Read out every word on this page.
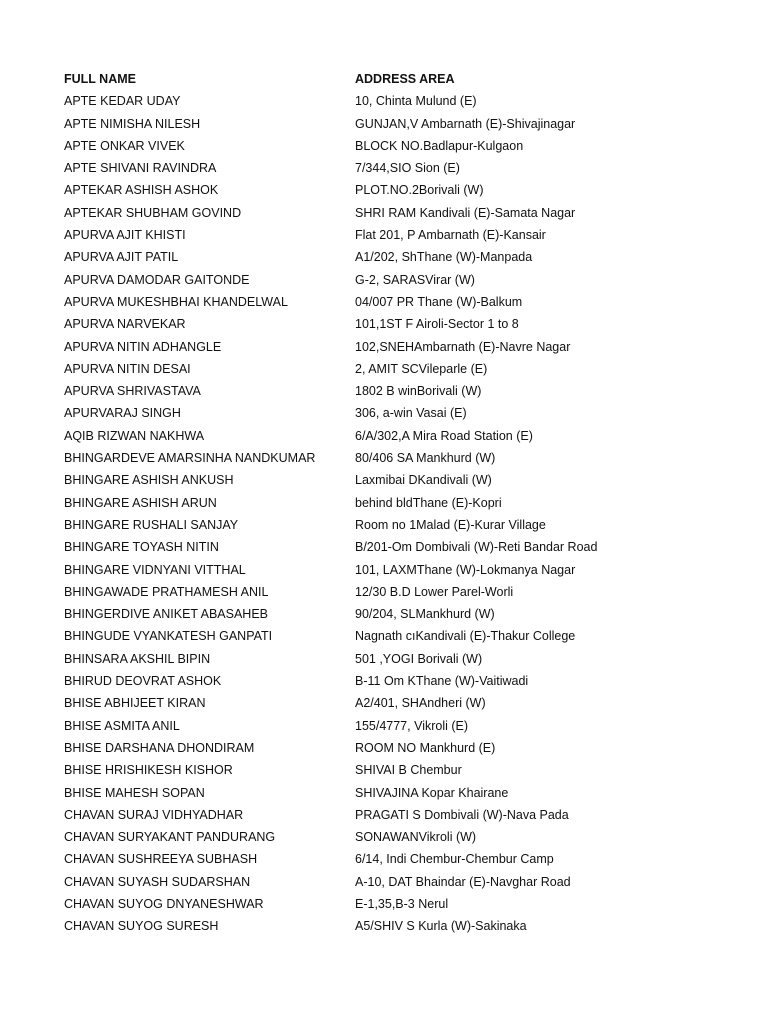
FULL NAME	ADDRESS AREA
APTE KEDAR UDAY	10, Chinta Mulund (E)
APTE NIMISHA NILESH	GUNJAN,V Ambarnath (E)-Shivajinagar
APTE ONKAR VIVEK	BLOCK NO.Badlapur-Kulgaon
APTE SHIVANI RAVINDRA	7/344,SIO Sion (E)
APTEKAR ASHISH ASHOK	PLOT.NO.2Borivali (W)
APTEKAR SHUBHAM GOVIND	SHRI RAM Kandivali (E)-Samata Nagar
APURVA AJIT KHISTI	Flat 201, P Ambarnath (E)-Kansair
APURVA AJIT PATIL	A1/202, ShThane (W)-Manpada
APURVA DAMODAR GAITONDE	G-2, SARASVirar (W)
APURVA MUKESHBHAI KHANDELWAL	04/007 PR Thane (W)-Balkum
APURVA NARVEKAR	101,1ST F Airoli-Sector 1 to 8
APURVA NITIN ADHANGLE	102,SNEHAmbarnath (E)-Navre Nagar
APURVA NITIN DESAI	2, AMIT SCVileparle (E)
APURVA SHRIVASTAVA	1802 B winBorivali (W)
APURVARAJ SINGH	306, a-win Vasai (E)
AQIB RIZWAN NAKHWA	6/A/302,A Mira Road Station (E)
BHINGARDEVE AMARSINHA NANDKUMAR	80/406 SA Mankhurd (W)
BHINGARE ASHISH ANKUSH	Laxmibai DKandivali (W)
BHINGARE ASHISH ARUN	behind bldThane (E)-Kopri
BHINGARE RUSHALI SANJAY	Room no 1Malad (E)-Kurar Village
BHINGARE TOYASH NITIN	B/201-Om Dombivali (W)-Reti Bandar Road
BHINGARE VIDNYANI VITTHAL	101, LAXMThane (W)-Lokmanya Nagar
BHINGAWADE PRATHAMESH ANIL	12/30 B.D Lower Parel-Worli
BHINGERDIVE ANIKET ABASAHEB	90/204, SLMankhurd (W)
BHINGUDE VYANKATESH GANPATI	Nagnath cıKandivali (E)-Thakur College
BHINSARA AKSHIL BIPIN	501 ,YOGI Borivali (W)
BHIRUD DEOVRAT ASHOK	B-11 Om KThane (W)-Vaitiwadi
BHISE ABHIJEET KIRAN	A2/401, SHAndheri (W)
BHISE ASMITA ANIL	155/4777, Vikroli (E)
BHISE DARSHANA DHONDIRAM	ROOM NO Mankhurd (E)
BHISE HRISHIKESH KISHOR	SHIVAI B Chembur
BHISE MAHESH SOPAN	SHIVAJINA Kopar Khairane
CHAVAN SURAJ VIDHYADHAR	PRAGATI S Dombivali (W)-Nava Pada
CHAVAN SURYAKANT PANDURANG	SONAWANVikroli (W)
CHAVAN SUSHREEYA SUBHASH	6/14, Indi Chembur-Chembur Camp
CHAVAN SUYASH SUDARSHAN	A-10, DAT Bhaindar (E)-Navghar Road
CHAVAN SUYOG DNYANESHWAR	E-1,35,B-3 Nerul
CHAVAN SUYOG SURESH	A5/SHIV S Kurla (W)-Sakinaka
